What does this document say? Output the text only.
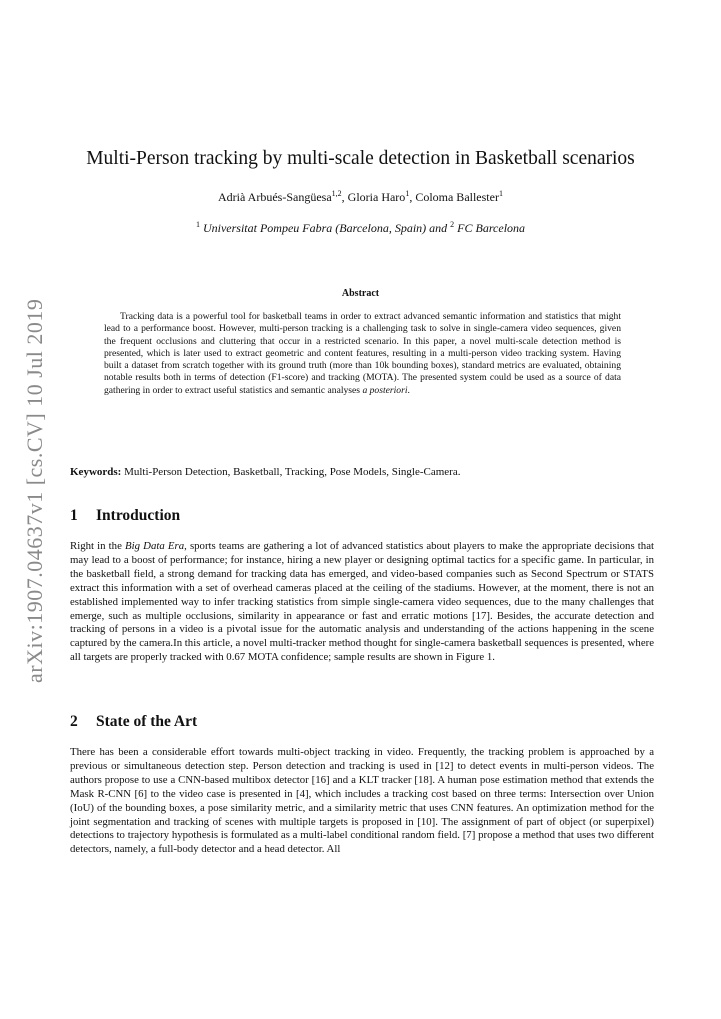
arXiv:1907.04637v1 [cs.CV] 10 Jul 2019
Multi-Person tracking by multi-scale detection in Basketball scenarios
Adrià Arbués-Sangüesa$^{1,2}$, Gloria Haro$^1$, Coloma Ballester$^1$
$^1$ Universitat Pompeu Fabra (Barcelona, Spain) and $^2$ FC Barcelona
Abstract

Tracking data is a powerful tool for basketball teams in order to extract advanced semantic information and statistics that might lead to a performance boost. However, multi-person tracking is a challenging task to solve in single-camera video sequences, given the frequent occlusions and cluttering that occur in a restricted scenario. In this paper, a novel multi-scale detection method is presented, which is later used to extract geometric and content features, resulting in a multi-person video tracking system. Having built a dataset from scratch together with its ground truth (more than 10k bounding boxes), standard metrics are evaluated, obtaining notable results both in terms of detection (F1-score) and tracking (MOTA). The presented system could be used as a source of data gathering in order to extract useful statistics and semantic analyses a posteriori.

Keywords: Multi-Person Detection, Basketball, Tracking, Pose Models, Single-Camera.

1 Introduction

Right in the Big Data Era, sports teams are gathering a lot of advanced statistics about players to make the appropriate decisions that may lead to a boost of performance; for instance, hiring a new player or designing optimal tactics for a specific game. In particular, in the basketball field, a strong demand for tracking data has emerged, and video-based companies such as Second Spectrum or STATS extract this information with a set of overhead cameras placed at the ceiling of the stadiums. However, at the moment, there is not an established implemented way to infer tracking statistics from simple single-camera video sequences, due to the many challenges that emerge, such as multiple occlusions, similarity in appearance or fast and erratic motions [17]. Besides, the accurate detection and tracking of persons in a video is a pivotal issue for the automatic analysis and understanding of the actions happening in the scene captured by the camera.In this article, a novel multi-tracker method thought for single-camera basketball sequences is presented, where all targets are properly tracked with 0.67 MOTA confidence; sample results are shown in Figure 1.

2 State of the Art

There has been a considerable effort towards multi-object tracking in video. Frequently, the tracking problem is approached by a previous or simultaneous detection step. Person detection and tracking is used in [12] to detect events in multi-person videos. The authors propose to use a CNN-based multibox detector [16] and a KLT tracker [18]. A human pose estimation method that extends the Mask R-CNN [6] to the video case is presented in [4], which includes a tracking cost based on three terms: Intersection over Union (IoU) of the bounding boxes, a pose similarity metric, and a similarity metric that uses CNN features. An optimization method for the joint segmentation and tracking of scenes with multiple targets is proposed in [10]. The assignment of part of object (or superpixel) detections to trajectory hypothesis is formulated as a multi-label conditional random field. [7] propose a method that uses two different detectors, namely, a full-body detector and a head detector. All
